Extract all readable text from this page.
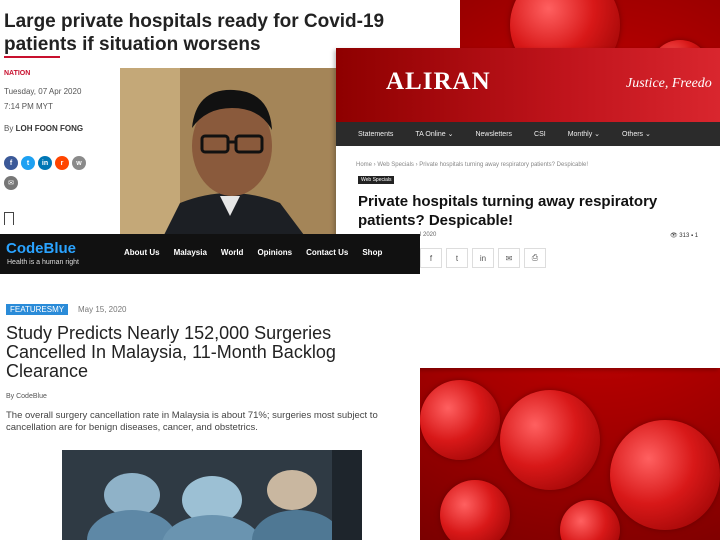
Large private hospitals ready for Covid-19 patients if situation worsens
NATION
Tuesday, 07 Apr 2020
7:14 PM MYT
By LOH FOON FONG
f	t	in	r	w
✉
ALIRAN	Justice, Freedo
Statements	TA Online ⌄	Newsletters	CSI	Monthly ⌄	Others ⌄
Home › Web Specials › Private hospitals turning away respiratory patients? Despicable!
Web Specials
Private hospitals turning away respiratory patients? Despicable!
l 2020	👁 313 ▪ 1
f	t	in	✉	⎙
CodeBlue
Health is a human right
About Us Malaysia World Opinions Contact Us Shop
FEATURESMY	May 15, 2020
Study Predicts Nearly 152,000 Surgeries Cancelled In Malaysia, 11-Month Backlog Clearance
By CodeBlue
The overall surgery cancellation rate in Malaysia is about 71%; surgeries most subject to cancellation are for benign diseases, cancer, and obstetrics.
